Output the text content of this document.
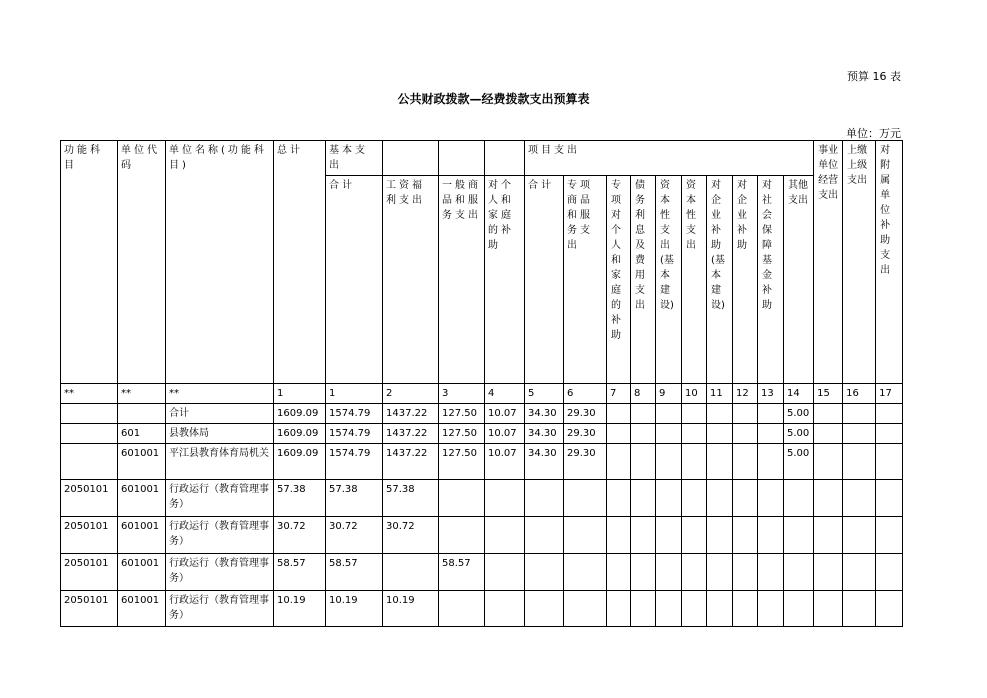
预算 16 表
公共财政拨款—经费拨款支出预算表
单位：万元
功能科目	单位代码	单位名称(功能科目)	总计	基本支出				项目支出										事业单位经营支出	上缴上级支出	对附属单位补助支出
				合计	工资福利支出	一般商品和服务支出	对个人和家庭的补助	合计	专项商品和服务支出	专项对个人和家庭的补助	债务利息及费用支出	资本性支出(基本建设)	资本性支出	对企业补助(基本建设)	对企业补助	对社会保障基金补助	其他支出			
**	**	**	1	1	2	3	4	5	6	7	8	9	10	11	12	13	14	15	16	17
		合计	1609.09	1574.79	1437.22	127.50	10.07	34.30	29.30								5.00			
	601	县教体局	1609.09	1574.79	1437.22	127.50	10.07	34.30	29.30								5.00			
	601001	平江县教育体育局机关	1609.09	1574.79	1437.22	127.50	10.07	34.30	29.30								5.00			
2050101	601001	行政运行（教育管理事务）	57.38	57.38	57.38															
2050101	601001	行政运行（教育管理事务）	30.72	30.72	30.72															
2050101	601001	行政运行（教育管理事务）	58.57	58.57		58.57														
2050101	601001	行政运行（教育管理事务）	10.19	10.19	10.19															
